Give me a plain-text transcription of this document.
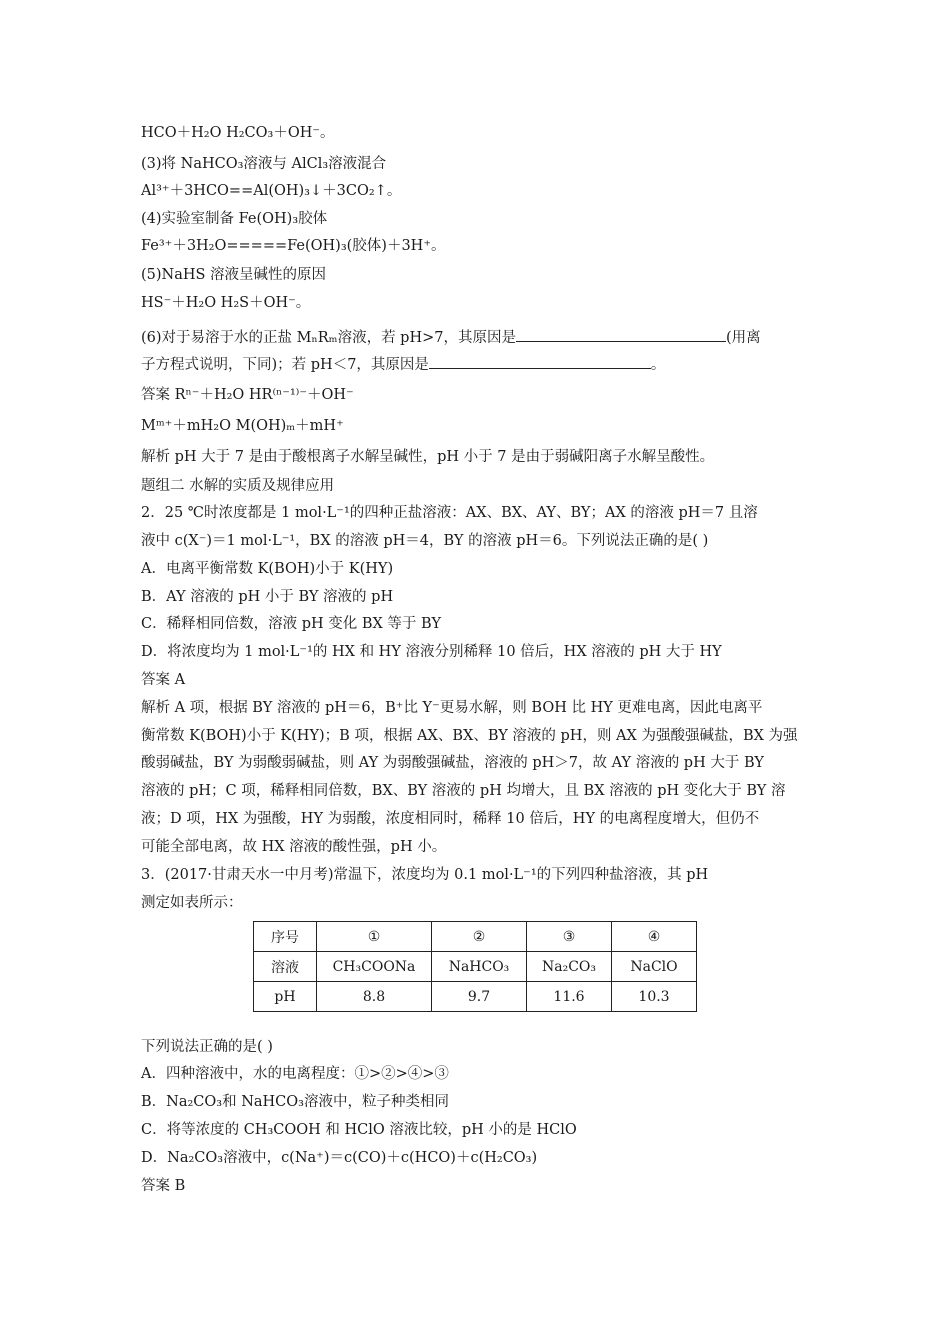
HCO＋H₂O H₂CO₃＋OH⁻。
(3)将 NaHCO₃溶液与 AlCl₃溶液混合
Al³⁺＋3HCO==Al(OH)₃↓＋3CO₂↑。
(4)实验室制备 Fe(OH)₃胶体
Fe³⁺＋3H₂O=====Fe(OH)₃(胶体)＋3H⁺。
(5)NaHS 溶液呈碱性的原因
HS⁻＋H₂O H₂S＋OH⁻。
(6)对于易溶于水的正盐 MₙRₘ溶液，若 pH>7，其原因是	(用离
子方程式说明，下同)；若 pH＜7，其原因是	。
答案 Rⁿ⁻＋H₂O HR⁽ⁿ⁻¹⁾⁻＋OH⁻
Mᵐ⁺＋mH₂O M(OH)ₘ＋mH⁺
解析 pH 大于 7 是由于酸根离子水解呈碱性，pH 小于 7 是由于弱碱阳离子水解呈酸性。
题组二 水解的实质及规律应用
2．25 ℃时浓度都是 1 mol·L⁻¹的四种正盐溶液：AX、BX、AY、BY；AX 的溶液 pH＝7 且溶
液中 c(X⁻)＝1 mol·L⁻¹，BX 的溶液 pH＝4，BY 的溶液 pH＝6。下列说法正确的是( )
A．电离平衡常数 K(BOH)小于 K(HY)
B．AY 溶液的 pH 小于 BY 溶液的 pH
C．稀释相同倍数，溶液 pH 变化 BX 等于 BY
D．将浓度均为 1 mol·L⁻¹的 HX 和 HY 溶液分别稀释 10 倍后，HX 溶液的 pH 大于 HY
答案 A
解析 A 项，根据 BY 溶液的 pH＝6，B⁺比 Y⁻更易水解，则 BOH 比 HY 更难电离，因此电离平
衡常数 K(BOH)小于 K(HY)；B 项，根据 AX、BX、BY 溶液的 pH，则 AX 为强酸强碱盐，BX 为强
酸弱碱盐，BY 为弱酸弱碱盐，则 AY 为弱酸强碱盐，溶液的 pH＞7，故 AY 溶液的 pH 大于 BY
溶液的 pH；C 项，稀释相同倍数，BX、BY 溶液的 pH 均增大，且 BX 溶液的 pH 变化大于 BY 溶
液；D 项，HX 为强酸，HY 为弱酸，浓度相同时，稀释 10 倍后，HY 的电离程度增大，但仍不
可能全部电离，故 HX 溶液的酸性强，pH 小。
3．(2017·甘肃天水一中月考)常温下，浓度均为 0.1 mol·L⁻¹的下列四种盐溶液，其 pH
测定如表所示：
序号	①	②	③	④
溶液	CH₃COONa	NaHCO₃	Na₂CO₃	NaClO
pH	8.8	9.7	11.6	10.3
下列说法正确的是( )
A．四种溶液中，水的电离程度：①>②>④>③
B．Na₂CO₃和 NaHCO₃溶液中，粒子种类相同
C．将等浓度的 CH₃COOH 和 HClO 溶液比较，pH 小的是 HClO
D．Na₂CO₃溶液中，c(Na⁺)＝c(CO)＋c(HCO)＋c(H₂CO₃)
答案 B
